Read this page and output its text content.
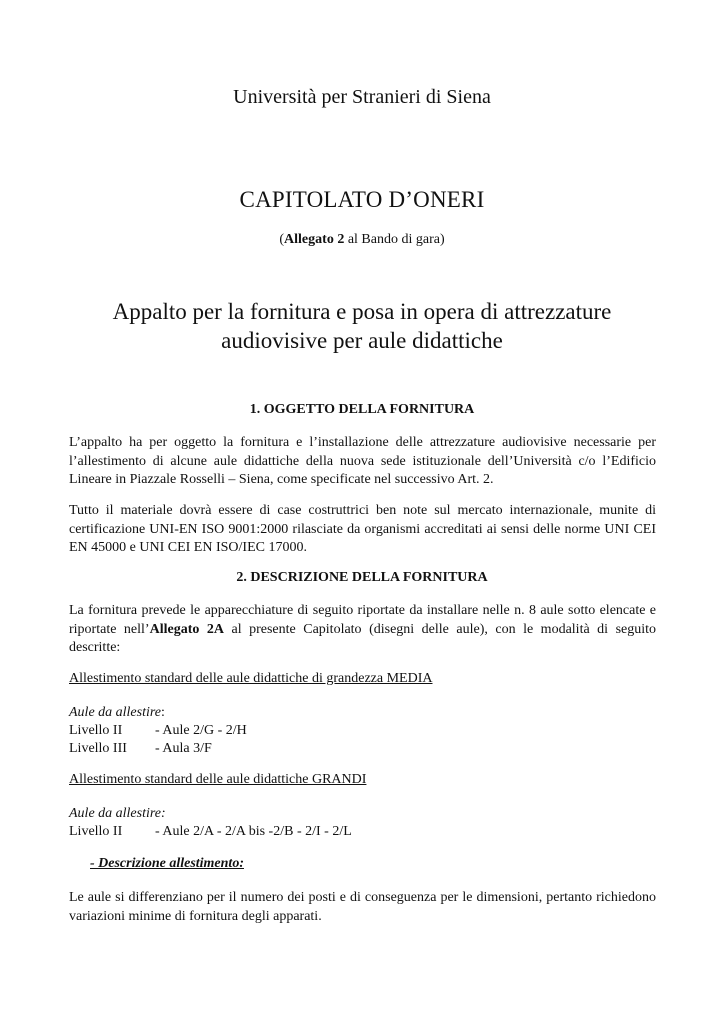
Università per Stranieri di Siena

CAPITOLATO D’ONERI

(Allegato 2 al Bando di gara)

Appalto per la fornitura e posa in opera di attrezzature
audiovisive per aule didattiche

1. OGGETTO DELLA FORNITURA

L’appalto ha per oggetto la fornitura e l’installazione delle attrezzature audiovisive necessarie per l’allestimento di alcune aule didattiche della nuova sede istituzionale dell’Università c/o l’Edificio Lineare in Piazzale Rosselli – Siena, come specificate nel successivo Art. 2.

Tutto il materiale dovrà essere di case costruttrici ben note sul mercato internazionale, munite di certificazione UNI-EN ISO 9001:2000 rilasciate da organismi accreditati ai sensi delle norme UNI CEI EN 45000 e UNI CEI EN ISO/IEC 17000.

2. DESCRIZIONE DELLA FORNITURA

La fornitura prevede le apparecchiature di seguito riportate da installare nelle n. 8 aule sotto elencate e riportate nell’Allegato 2A al presente Capitolato (disegni delle aule), con le modalità di seguito descritte:

Allestimento standard delle aule didattiche di grandezza MEDIA

Aule da allestire:

Livello II - Aule 2/G - 2/H

Livello III - Aula 3/F

Allestimento standard delle aule didattiche GRANDI

Aule da allestire:

Livello II - Aule 2/A - 2/A bis -2/B - 2/I - 2/L

- Descrizione allestimento:

Le aule si differenziano per il numero dei posti e di conseguenza per le dimensioni, pertanto richiedono variazioni minime di fornitura degli apparati.
